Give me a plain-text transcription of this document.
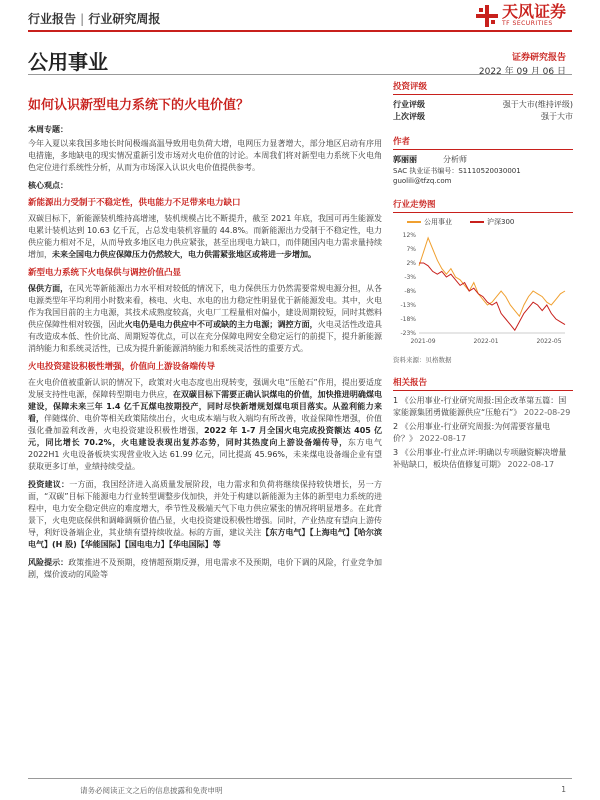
行业报告 | 行业研究周报	天风证券
TF SECURITIES
公用事业	证券研究报告
2022 年 09 月 06 日
如何认识新型电力系统下的火电价值？

本周专题：

今年入夏以来我国多地长时间极端高温导致用电负荷大增，电网压力显著增大，部分地区启动有序用电措施，多地缺电的现实情况重新引发市场对火电价值的讨论。本周我们将对新型电力系统下火电角色定位进行系统性分析，从而为市场深入认识火电价值提供参考。

核心观点：

新能源出力受制于不稳定性，供电能力不足带来电力缺口

双碳目标下，新能源装机维持高增速，装机规模占比不断提升，截至 2021 年底，我国可再生能源发电累计装机达到 10.63 亿千瓦，占总发电装机容量的 44.8%。而新能源出力受制于不稳定性，电力供应能力相对不足，从而导致多地区电力供应紧张，甚至出现电力缺口，而伴随国内电力需求量持续增加，未来全国电力供应保障压力仍然较大，电力供需紧张地区或将进一步增加。

新型电力系统下火电保供与调控价值凸显

保供方面，在风光等新能源出力水平相对较低的情况下，电力保供压力仍然需要常规电源分担，从各电源类型年平均利用小时数来看，核电、火电、水电的出力稳定性明显优于新能源发电。其中，火电作为我国目前的主力电源，其技术成熟度较高，火电厂工程量相对偏小，建设周期较短，同时其燃料供应保障性相对较强，因此火电仍是电力供应中不可或缺的主力电源；调控方面，火电灵活性改造具有改造成本低、性价比高、周期短等优点，可以在充分保障电网安全稳定运行的前提下，提升新能源消纳能力和系统灵活性，已成为提升新能源消纳能力和系统灵活性的重要方式。

火电投资建设积极性增强，价值向上游设备端传导

在火电价值被重新认识的情况下，政策对火电态度也出现转变，强调火电“压舱石”作用，提出要适度发展支持性电源，保障转型期电力供应，在双碳目标下需要正确认识煤电的价值，加快推进明确煤电建设，保障未来三年 1.4 亿千瓦煤电按期投产，同时尽快新增规划煤电项目落实。从盈利能力来看，伴随煤价、电价等相关政策陆续出台，火电成本端与收入端均有所改善，收益保障性增强，价值强化叠加盈利改善，火电投资建设积极性增强，2022 年 1-7 月全国火电完成投资额达 405 亿元，同比增长 70.2%，火电建设表现出复苏态势，同时其热度向上游设备端传导，东方电气 2022H1 火电设备板块实现营业收入达 61.99 亿元，同比提高 45.96%，未来煤电设备端企业有望获取更多订单，业绩持续受益。

投资建议：一方面，我国经济进入高质量发展阶段，电力需求和负荷将继续保持较快增长，另一方面，“双碳”目标下能源电力行业转型调整步伐加快，并处于构建以新能源为主体的新型电力系统的进程中，电力安全稳定供应的难度增大，季节性及极端天气下电力供应紧张的情况将明显增多。在此背景下，火电兜底保供和调峰调频价值凸显，火电投资建设积极性增强。同时，产业热度有望向上游传导，利好设备端企业，其业绩有望持续收益。标的方面，建议关注【东方电气】【上海电气】【哈尔滨电气】(H 股)【华能国际】【国电电力】【华电国际】等

风险提示：政策推进不及预期，疫情超预期反弹，用电需求不及预期，电价下调的风险，行业竞争加剧，煤价波动的风险等

投资评级
行业评级	强于大市(维持评级)
上次评级	强于大市
作者
郭丽丽	分析师
SAC 执业证书编号：S1110520030001
guolili@tfzq.com
行业走势图
公用事业	沪深300
12%
7%
2%
-3%
-8%
-13%
-18%
-23%
2021-09	2022-01	2022-05
资料来源：贝格数据
相关报告
1 《公用事业-行业研究周报:国企改革第五篇：国家能源集团勇做能源供应“压舱石”》 2022-08-29
2 《公用事业-行业研究周报:为何需要容量电价？》 2022-08-17
3 《公用事业-行业点评:明确以专项融资解决增量补贴缺口，板块估值修复可期》 2022-08-17
请务必阅读正文之后的信息披露和免责申明	1
